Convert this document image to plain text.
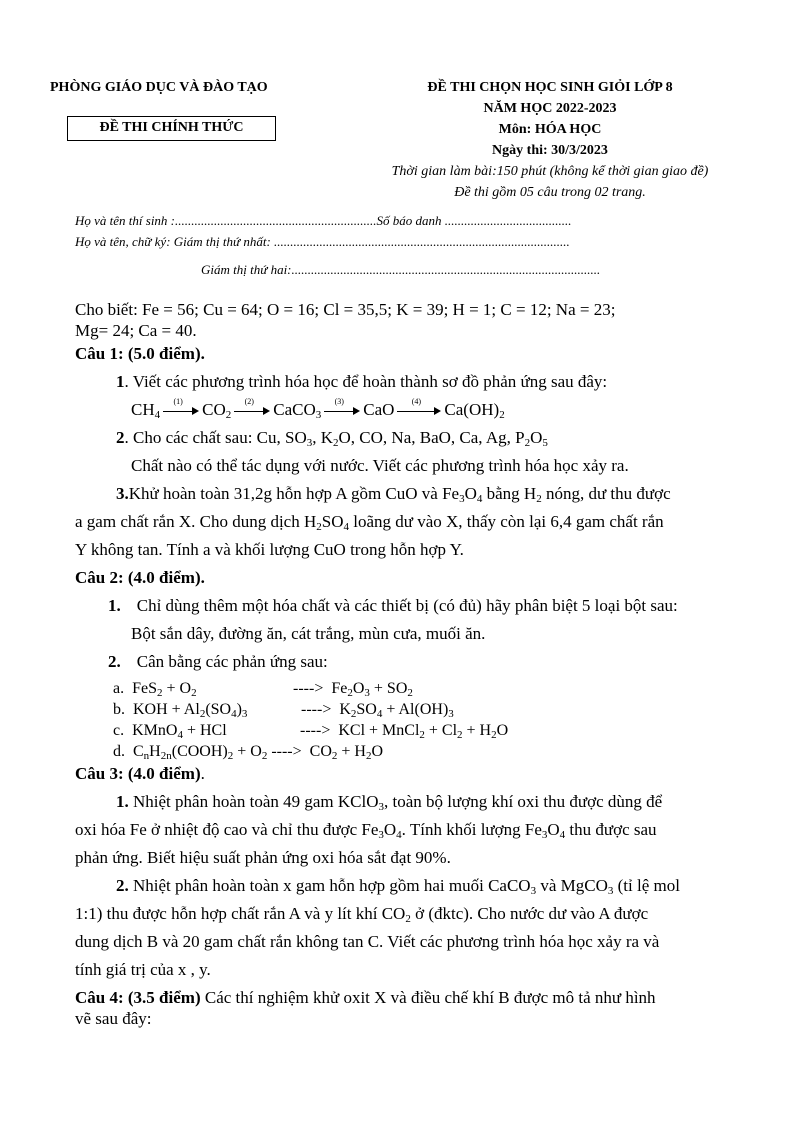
PHÒNG GIÁO DỤC VÀ ĐÀO TẠO
ĐỀ THI CHÍNH THỨC
ĐỀ THI CHỌN HỌC SINH GIỎI LỚP 8
NĂM HỌC 2022-2023
Môn: HÓA HỌC
Ngày thi: 30/3/2023
Thời gian làm bài:150 phút (không kể thời gian giao đề)
Đề thi gồm 05 câu trong 02 trang.
Họ và tên thí sinh :..............................................................Số báo danh .......................................
Họ và tên, chữ ký: Giám thị thứ nhất: ...........................................................................................
Giám thị thứ hai:...............................................................................................
Cho biết: Fe = 56; Cu = 64; O = 16; Cl = 35,5; K = 39; H = 1; C = 12; Na = 23;
Mg= 24; Ca = 40.
Câu 1: (5.0 điểm).
1. Viết các phương trình hóa học để hoàn thành sơ đồ phản ứng sau đây:
$CH_4$
(1)	$CO_2$
(2)	CaCO$_3$
(3)	CaO	(4)	$Ca(OH)_2$
2. Cho các chất sau: Cu, $SO_3$, $K_2O$, CO, Na, BaO, Ca, Ag, $P_2O_5$
Chất nào có thể tác dụng với nước. Viết các phương trình hóa học xảy ra.
3.Khử hoàn toàn 31,2g hỗn hợp A gồm CuO và $Fe_3O_4$ bằng $H_2$ nóng, dư thu được
a gam chất rắn X. Cho dung dịch $H_2SO_4$ loãng dư vào X, thấy còn lại 6,4 gam chất rắn
Y không tan. Tính a và khối lượng CuO trong hỗn hợp Y.
Câu 2: (4.0 điểm).
1. Chỉ dùng thêm một hóa chất và các thiết bị (có đủ) hãy phân biệt 5 loại bột sau:
Bột sắn dây, đường ăn, cát trắng, mùn cưa, muối ăn.
2. Cân bằng các phản ứng sau:
a. $FeS_2 + O_2$	----> $Fe_2O_3 + SO_2$
b. KOH + $Al_2(SO_4)_3$	----> $K_2SO_4 + Al(OH)_3$
c. KMnO$_4$ + HCl	----> KCl + MnCl$_2$ + $Cl_2 + H_2O$
d. $C_nH_{2n}(COOH)_2 + O_2$ ----> $CO_2 + H_2O$
Câu 3: (4.0 điểm).
1. Nhiệt phân hoàn toàn 49 gam KClO$_3$, toàn bộ lượng khí oxi thu được dùng để
oxi hóa Fe ở nhiệt độ cao và chỉ thu được $Fe_3O_4$. Tính khối lượng $Fe_3O_4$ thu được sau
phản ứng. Biết hiệu suất phản ứng oxi hóa sắt đạt 90%.
2. Nhiệt phân hoàn toàn x gam hỗn hợp gồm hai muối CaCO$_3$ và MgCO$_3$ (tỉ lệ mol
1:1) thu được hỗn hợp chất rắn A và y lít khí $CO_2$ ở (đktc). Cho nước dư vào A được
dung dịch B và 20 gam chất rắn không tan C. Viết các phương trình hóa học xảy ra và
tính giá trị của x , y.
Câu 4: (3.5 điểm) Các thí nghiệm khử oxit X và điều chế khí B được mô tả như hình
vẽ sau đây:
